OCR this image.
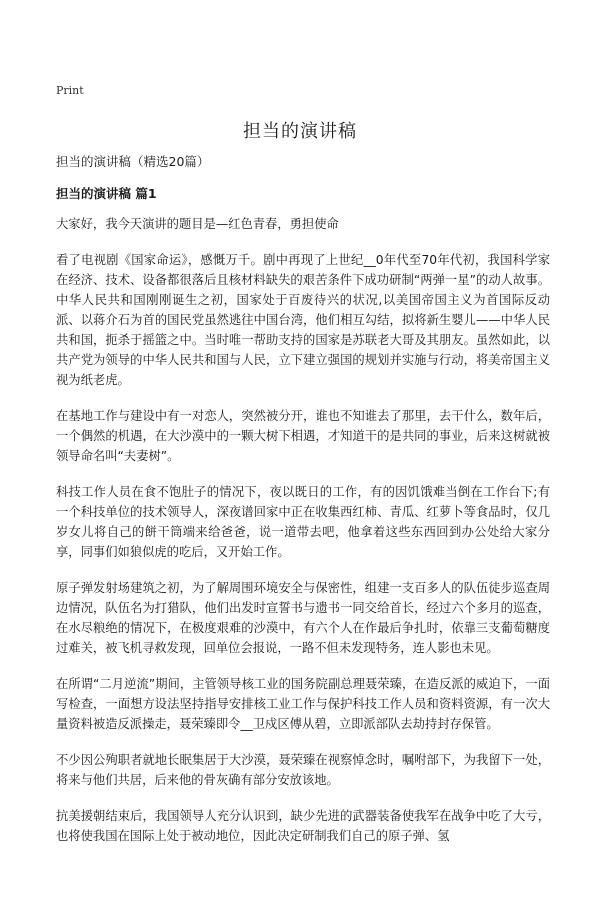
Print
担当的演讲稿

担当的演讲稿（精选20篇）

担当的演讲稿 篇1

大家好，我今天演讲的题目是—红色青春，勇担使命

看了电视剧《国家命运》，感慨万千。剧中再现了上世纪__0年代至70年代初，我国科学家在经济、技术、设备都很落后且核材料缺失的艰苦条件下成功研制“两弹一星”的动人故事。中华人民共和国刚刚诞生之初，国家处于百废待兴的状况,以美国帝国主义为首国际反动派、以蒋介石为首的国民党虽然逃往中国台湾，他们相互勾结，拟将新生婴儿——中华人民共和国，扼杀于摇篮之中。当时唯一帮助支持的国家是苏联老大哥及其朋友。虽然如此，以共产党为领导的中华人民共和国与人民，立下建立强国的规划并实施与行动，将美帝国主义视为纸老虎。

在基地工作与建设中有一对恋人，突然被分开，谁也不知谁去了那里，去干什么，数年后，一个偶然的机遇，在大沙漠中的一颗大树下相遇，才知道干的是共同的事业，后来这树就被领导命名叫“夫妻树”。

科技工作人员在食不饱肚子的情况下，夜以既日的工作，有的因饥饿难当倒在工作台下;有一个科技单位的技术领导人，深夜谱回家中正在收集西红柿、青瓜、红萝卜等食品时，仅几岁女儿将自己的餅干筒端来给爸爸，说一道带去吧，他拿着这些东西回到办公处给大家分享，同事们如狼似虎的吃后，又开始工作。

原子弹发射场建筑之初，为了解周围环境安全与保密性，组建一支百多人的队伍徒步巡查周边情况，队伍名为打猎队，他们出发时宣誓书与遗书一同交给首长，经过六个多月的巡查，在水尽粮绝的情况下，在极度艰难的沙漠中，有六个人在作最后争扎时，依靠三支葡萄糖度过难关，被飞机寻救发现，回单位会报说，一路不但未发现特务，连人影也未见。

在所谓“二月逆流”期间，主管领导核工业的国务院副总理聂荣臻，在造反派的威迫下，一面写检查，一面想方设法坚持指导安排核工业工作与保护科技工作人员和资料资源，有一次大量资料被造反派操走，聂荣臻即令__卫戍区傅从碧，立即派部队去劫持封存保管。

不少因公殉职者就地长眠集居于大沙漠，聂荣臻在视察悼念时，嘱咐部下，为我留下一处，将来与他们共居，后来他的骨灰确有部分安放该地。

抗美援朝结束后，我国领导人充分认识到，缺少先进的武器装备使我军在战争中吃了大亏，也将使我国在国际上处于被动地位，因此决定研制我们自己的原子弹、氢
